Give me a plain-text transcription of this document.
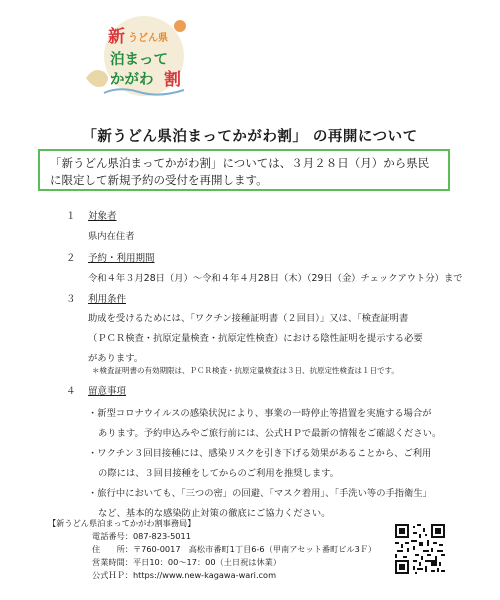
新 うどん県
泊まって
かがわ 割
「新うどん県泊まってかがわ割」 の再開について

「新うどん県泊まってかがわ割」については、３月２８日（月）から県民に限定して新規予約の受付を再開します。

１ 対象者
県内在住者
２ 予約・利用期間
令和４年３月28日（月）～令和４年４月28日（木）（29日（金）チェックアウト分）まで
３ 利用条件
助成を受けるためには、「ワクチン接種証明書（２回目）」又は、「検査証明書
（ＰＣＲ検査・抗原定量検査・抗原定性検査）における陰性証明を提示する必要
があります。
＊検査証明書の有効期限は、ＰＣＲ検査・抗原定量検査は３日、抗原定性検査は１日です。
４ 留意事項
・新型コロナウイルスの感染状況により、事業の一時停止等措置を実施する場合が
あります。予約申込みやご旅行前には、公式ＨＰで最新の情報をご確認ください。
・ワクチン３回目接種には、感染リスクを引き下げる効果があることから、ご利用
の際には、３回目接種をしてからのご利用を推奨します。
・旅行中においても、「三つの密」の回避、「マスク着用」、「手洗い等の手指衛生」
など、基本的な感染防止対策の徹底にご協力ください。
【新うどん県泊まってかがわ割事務局】
電話番号：087-823-5011
住　　所：〒760-0017　高松市番町1丁目6-6（甲南アセット番町ビル3Ｆ）
営業時間：平日10：00～17：00（土日祝は休業）
公式ＨＰ：https://www.new-kagawa-wari.com
